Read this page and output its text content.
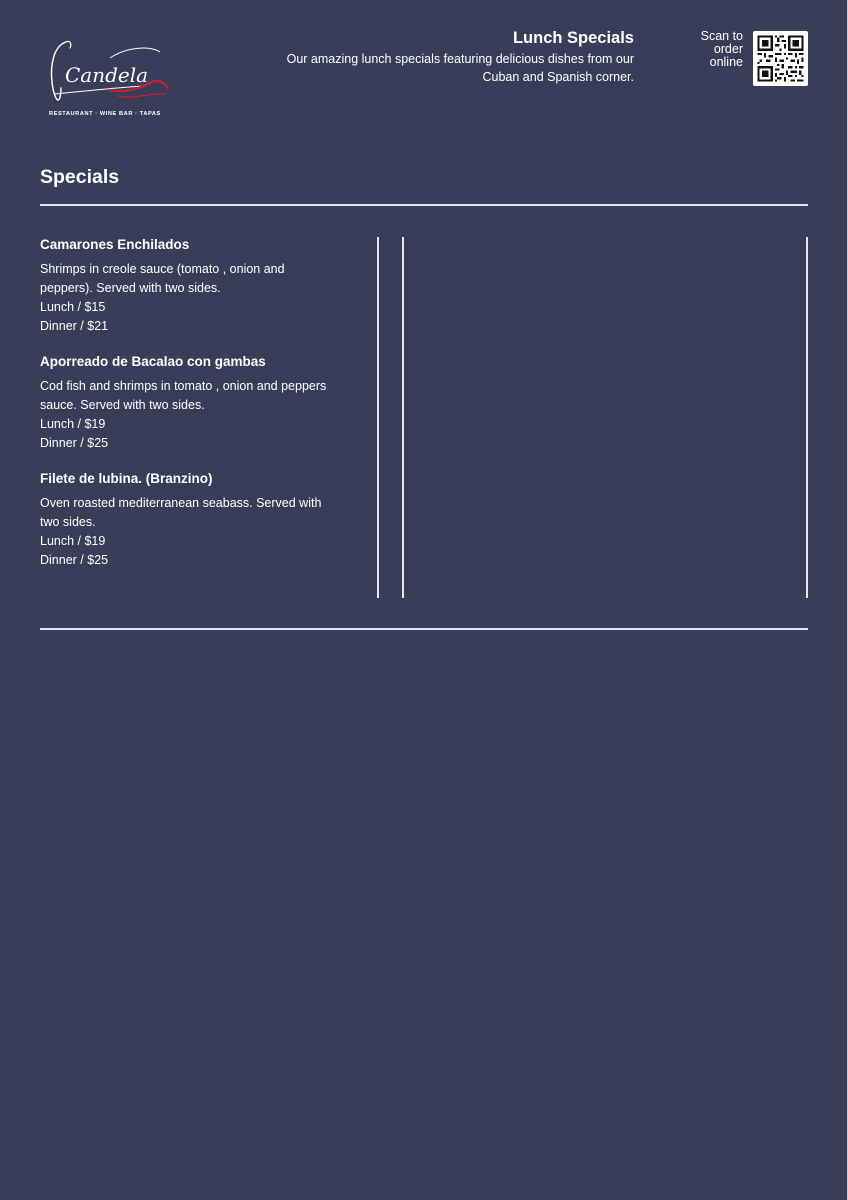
Candela
RESTAURANT · WINE BAR · TAPAS
Lunch Specials
Our amazing lunch specials featuring delicious dishes from our Cuban and Spanish corner.
Scan to
order
online
Specials
Camarones Enchilados
Shrimps in creole sauce (tomato , onion and peppers). Served with two sides.
Lunch / $15
Dinner / $21
Aporreado de Bacalao con gambas
Cod fish and shrimps in tomato , onion and peppers sauce. Served with two sides.
Lunch / $19
Dinner / $25
Filete de lubina. (Branzino)
Oven roasted mediterranean seabass. Served with two sides.
Lunch / $19
Dinner / $25
